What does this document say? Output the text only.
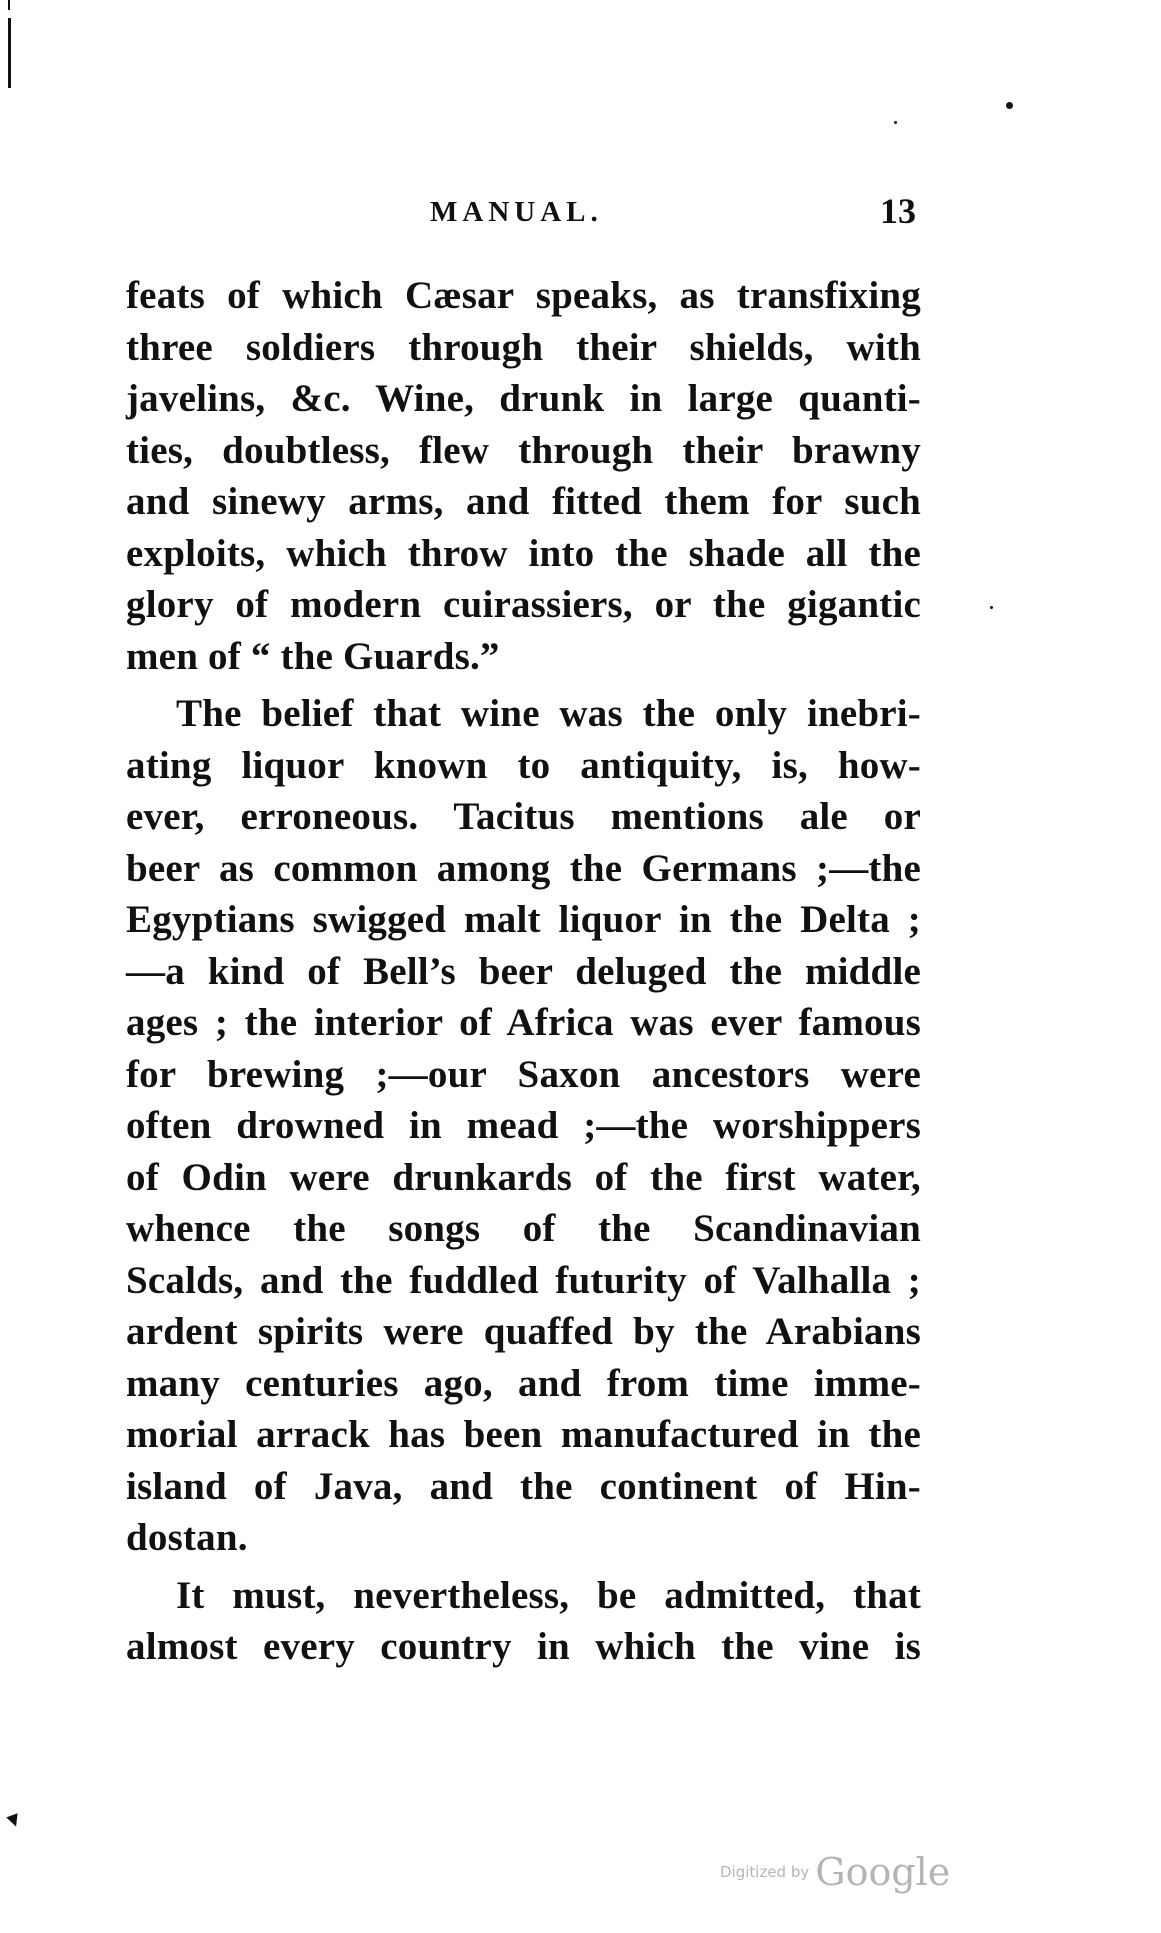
MANUAL.	13
feats of which Cæsar speaks, as transfixing
three soldiers through their shields, with
javelins, &c. Wine, drunk in large quanti-
ties, doubtless, flew through their brawny
and sinewy arms, and fitted them for such
exploits, which throw into the shade all the
glory of modern cuirassiers, or the gigantic
men of “ the Guards.”
The belief that wine was the only inebri-
ating liquor known to antiquity, is, how-
ever, erroneous. Tacitus mentions ale or
beer as common among the Germans ;—the
Egyptians swigged malt liquor in the Delta ;
—a kind of Bell’s beer deluged the middle
ages ; the interior of Africa was ever famous
for brewing ;—our Saxon ancestors were
often drowned in mead ;—the worshippers
of Odin were drunkards of the first water,
whence the songs of the Scandinavian
Scalds, and the fuddled futurity of Valhalla ;
ardent spirits were quaffed by the Arabians
many centuries ago, and from time imme-
morial arrack has been manufactured in the
island of Java, and the continent of Hin-
dostan.
It must, nevertheless, be admitted, that
almost every country in which the vine is
Digitized by Google
